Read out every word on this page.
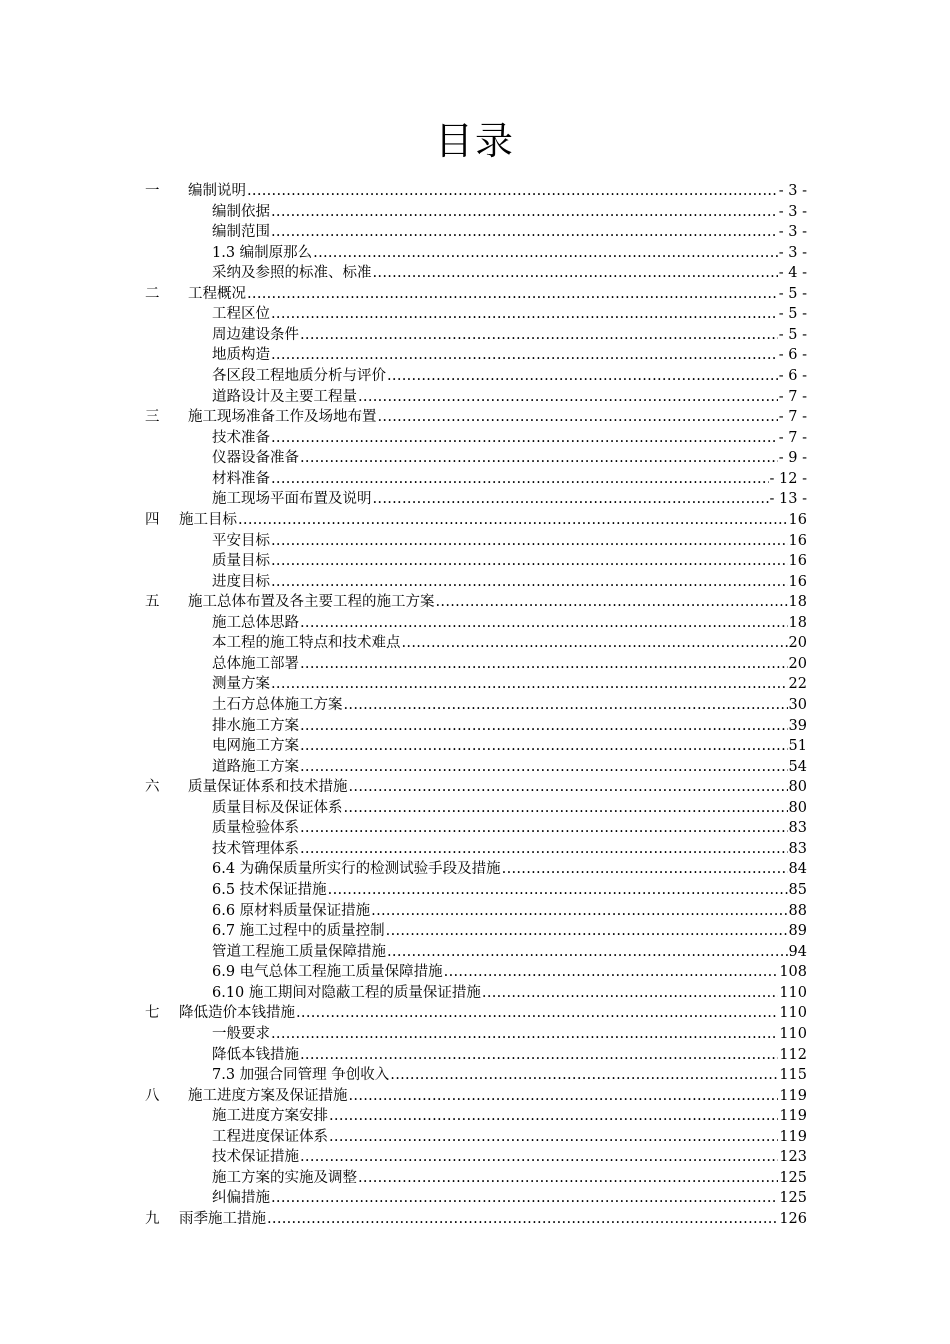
目录
一	编制说明 .....	- 3 -
编制依据 .....	- 3 -
编制范围 .....	- 3 -
1.3 编制原那么 .....	- 3 -
采纳及参照的标准、标准 .....	- 4 -
二	工程概况 .....	- 5 -
工程区位 .....	- 5 -
周边建设条件 .....	- 5 -
地质构造 .....	- 6 -
各区段工程地质分析与评价 .....	- 6 -
道路设计及主要工程量 .....	- 7 -
三	施工现场准备工作及场地布置 .....	- 7 -
技术准备 .....	- 7 -
仪器设备准备 .....	- 9 -
材料准备 .....	- 12 -
施工现场平面布置及说明 .....	- 13 -
四	施工目标 .....	16
平安目标 .....	16
质量目标 .....	16
进度目标 .....	16
五	施工总体布置及各主要工程的施工方案 .....	18
施工总体思路 .....	18
本工程的施工特点和技术难点 .....	20
总体施工部署 .....	20
测量方案 .....	22
土石方总体施工方案 .....	30
排水施工方案 .....	39
电网施工方案 .....	51
道路施工方案 .....	54
六	质量保证体系和技术措施 .....	80
质量目标及保证体系 .....	80
质量检验体系 .....	83
技术管理体系 .....	83
6.4 为确保质量所实行的检测试验手段及措施 .....	84
6.5 技术保证措施 .....	85
6.6 原材料质量保证措施 .....	88
6.7 施工过程中的质量控制 .....	89
管道工程施工质量保障措施 .....	94
6.9 电气总体工程施工质量保障措施 .....	108
6.10 施工期间对隐蔽工程的质量保证措施 .....	110
七	降低造价本钱措施 .....	110
一般要求 .....	110
降低本钱措施 .....	112
7.3 加强合同管理 争创收入 .....	115
八	施工进度方案及保证措施 .....	119
施工进度方案安排 .....	119
工程进度保证体系 .....	119
技术保证措施 .....	123
施工方案的实施及调整 .....	125
纠偏措施 .....	125
九	雨季施工措施 .....	126
